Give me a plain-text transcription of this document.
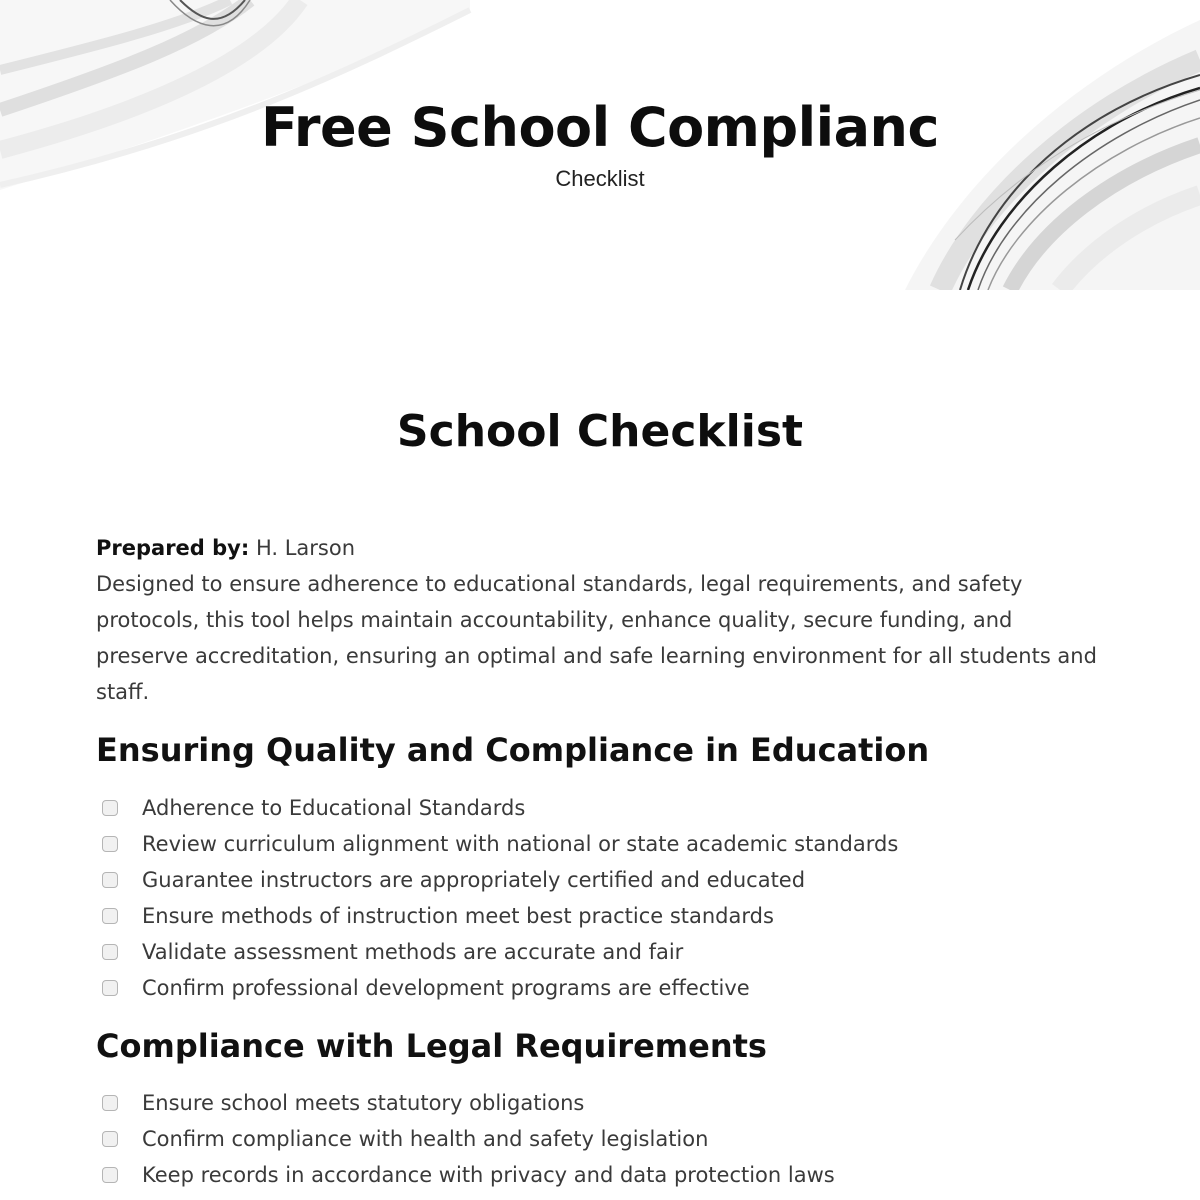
Free School Complianc

Checklist

School Checklist

Prepared by: H. Larson

Designed to ensure adherence to educational standards, legal requirements, and safety protocols, this tool helps maintain accountability, enhance quality, secure funding, and preserve accreditation, ensuring an optimal and safe learning environment for all students and staff.

Ensuring Quality and Compliance in Education
Adherence to Educational Standards
Review curriculum alignment with national or state academic standards
Guarantee instructors are appropriately certified and educated
Ensure methods of instruction meet best practice standards
Validate assessment methods are accurate and fair
Confirm professional development programs are effective
Compliance with Legal Requirements
Ensure school meets statutory obligations
Confirm compliance with health and safety legislation
Keep records in accordance with privacy and data protection laws
